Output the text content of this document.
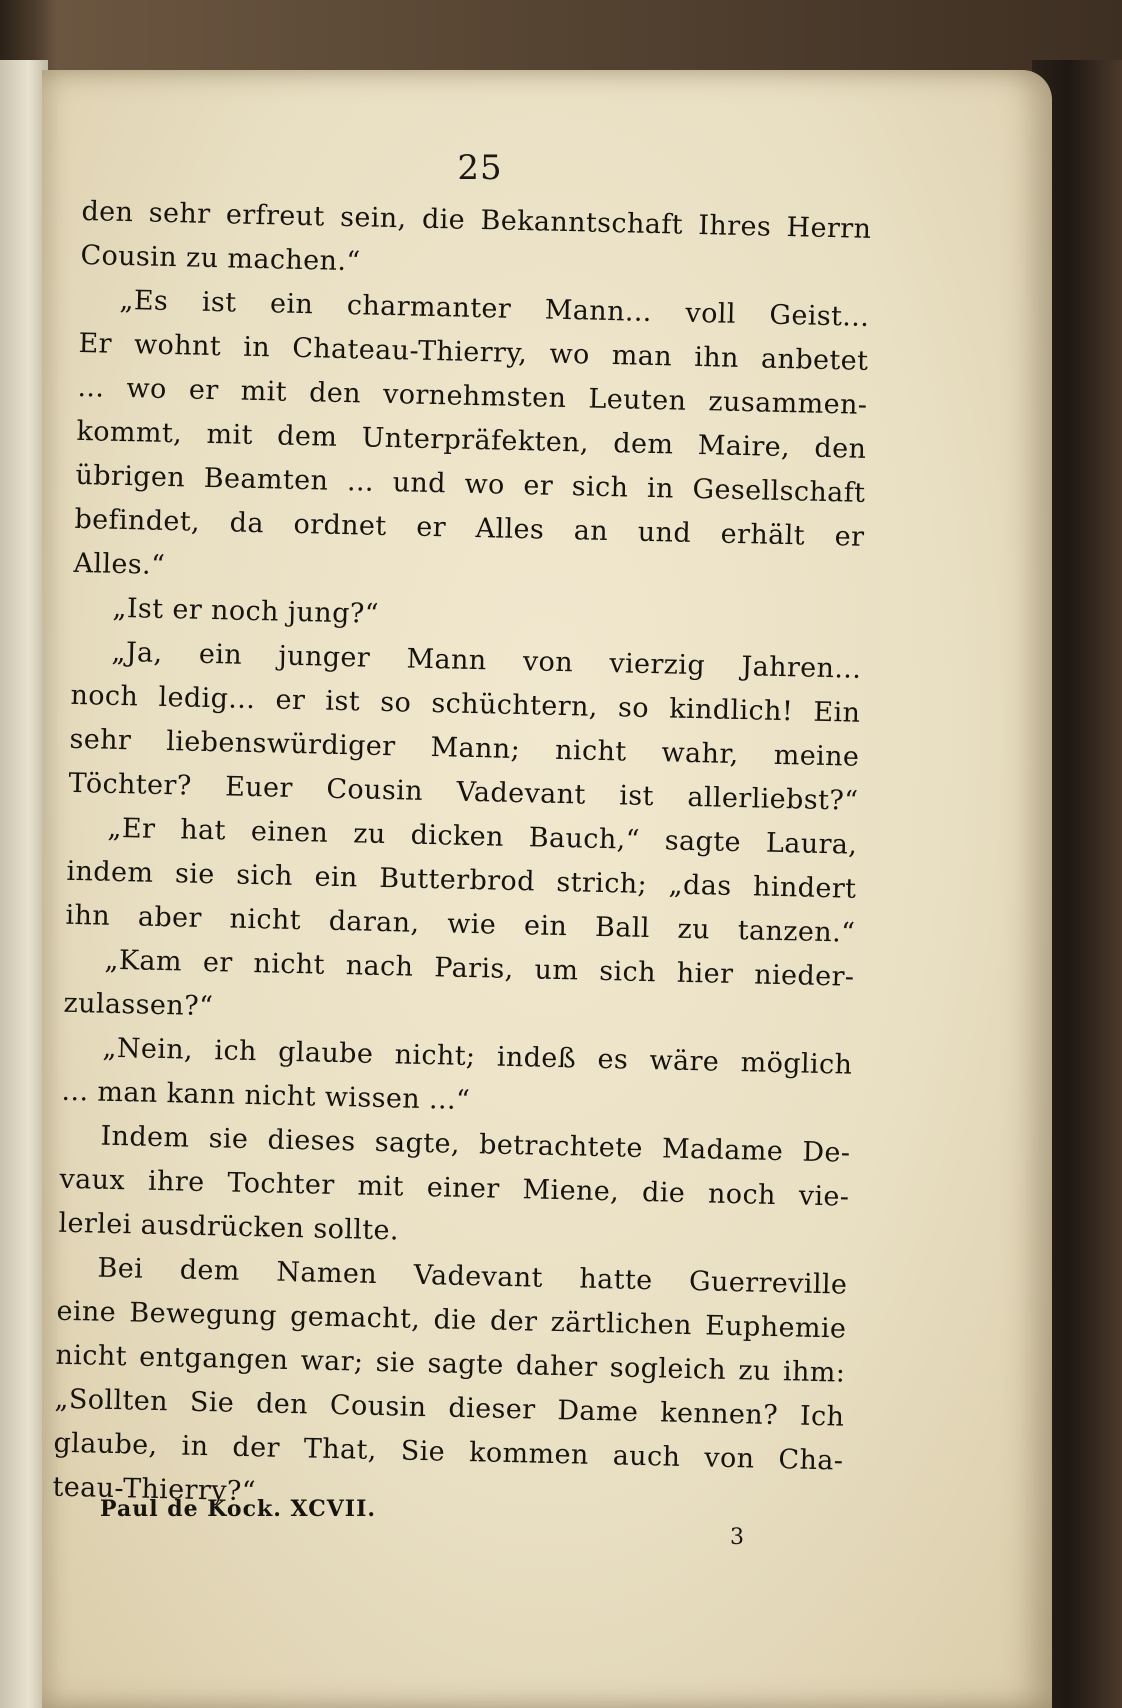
25
den sehr erfreut sein, die Bekanntschaft Ihres Herrn
Cousin zu machen.“
„Es ist ein charmanter Mann... voll Geist...
Er wohnt in Chateau-Thierry, wo man ihn anbetet
... wo er mit den vornehmsten Leuten zusammen-
kommt, mit dem Unterpräfekten, dem Maire, den
übrigen Beamten ... und wo er sich in Gesellschaft
befindet, da ordnet er Alles an und erhält er
Alles.“
„Ist er noch jung?“
„Ja, ein junger Mann von vierzig Jahren...
noch ledig... er ist so schüchtern, so kindlich! Ein
sehr liebenswürdiger Mann; nicht wahr, meine
Töchter? Euer Cousin Vadevant ist allerliebst?“
„Er hat einen zu dicken Bauch,“ sagte Laura,
indem sie sich ein Butterbrod strich; „das hindert
ihn aber nicht daran, wie ein Ball zu tanzen.“
„Kam er nicht nach Paris, um sich hier nieder-
zulassen?“
„Nein, ich glaube nicht; indeß es wäre möglich
... man kann nicht wissen ...“
Indem sie dieses sagte, betrachtete Madame De-
vaux ihre Tochter mit einer Miene, die noch vie-
lerlei ausdrücken sollte.
Bei dem Namen Vadevant hatte Guerreville
eine Bewegung gemacht, die der zärtlichen Euphemie
nicht entgangen war; sie sagte daher sogleich zu ihm:
„Sollten Sie den Cousin dieser Dame kennen? Ich
glaube, in der That, Sie kommen auch von Cha-
teau-Thierry?“
Paul de Kock. XCVII.
3
